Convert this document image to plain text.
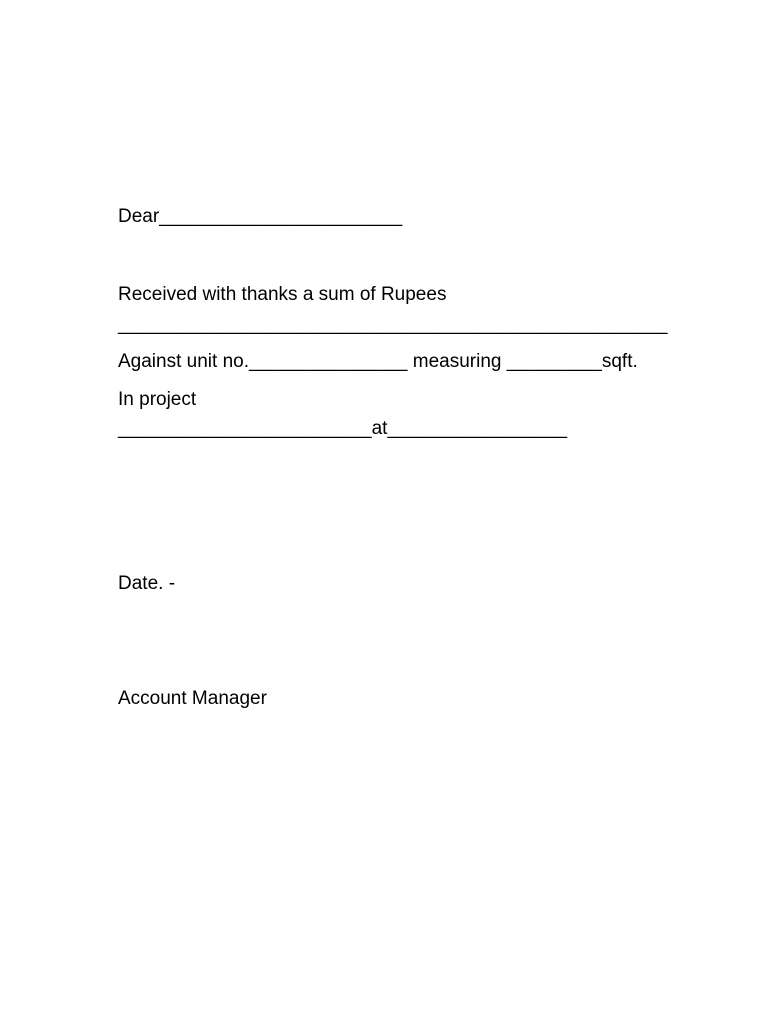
Dear_______________________
Received with thanks a sum of Rupees
____________________________________________________
Against unit no._______________ measuring _________sqft.
In project
________________________at_________________
Date. -
Account Manager
